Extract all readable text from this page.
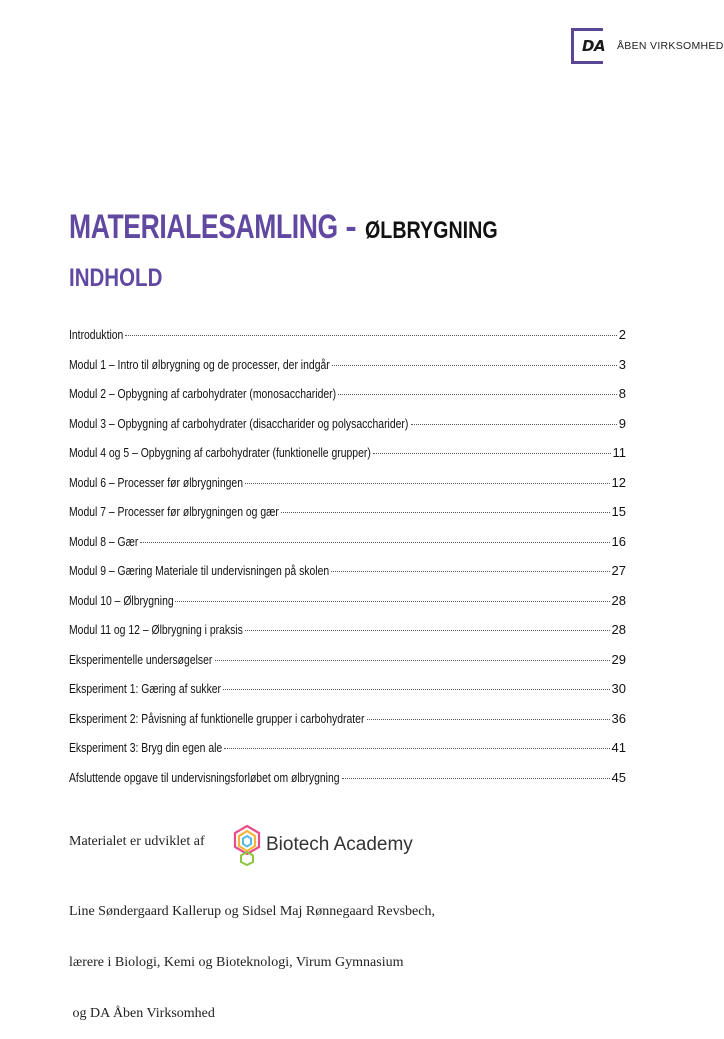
DA ÅBEN VIRKSOMHED
MATERIALESAMLING - ØLBRYGNING
INDHOLD
Introduktion	2
Modul 1 – Intro til ølbrygning og de processer, der indgår	3
Modul 2 – Opbygning af carbohydrater (monosaccharider)	8
Modul 3 – Opbygning af carbohydrater (disaccharider og polysaccharider)	9
Modul 4 og 5 – Opbygning af carbohydrater (funktionelle grupper)	11
Modul 6 – Processer før ølbrygningen	12
Modul 7 – Processer før ølbrygningen og gær	15
Modul 8 – Gær	16
Modul 9 – Gæring Materiale til undervisningen på skolen	27
Modul 10 – Ølbrygning	28
Modul 11 og 12 – Ølbrygning i praksis	28
Eksperimentelle undersøgelser	29
Eksperiment 1: Gæring af sukker	30
Eksperiment 2: Påvisning af funktionelle grupper i carbohydrater	36
Eksperiment 3: Bryg din egen ale	41
Afsluttende opgave til undervisningsforløbet om ølbrygning	45
Materialet er udviklet af	Biotech Academy

Line Søndergaard Kallerup og Sidsel Maj Rønnegaard Revsbech,

lærere i Biologi, Kemi og Bioteknologi, Virum Gymnasium

og DA Åben Virksomhed
